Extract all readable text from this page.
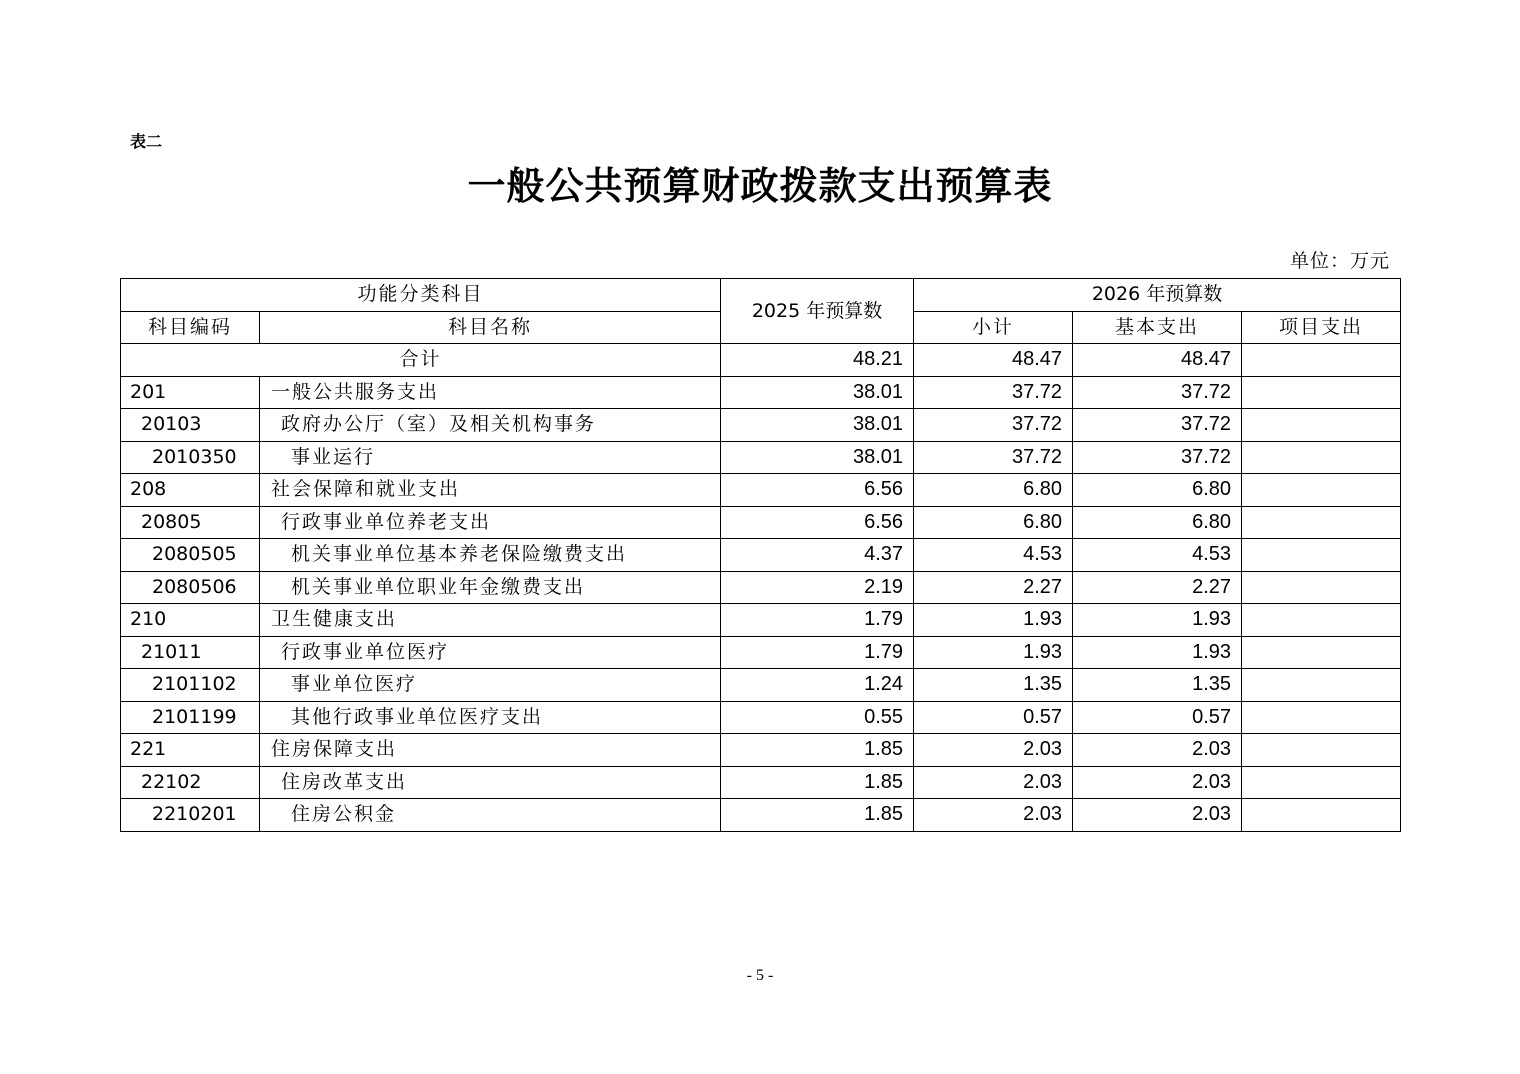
表二
一般公共预算财政拨款支出预算表
单位：万元
功能分类科目		2025 年预算数	2026 年预算数		
科目编码	科目名称		小计	基本支出	项目支出
合计		48.21	48.47	48.47	
201	一般公共服务支出	38.01	37.72	37.72	
20103	政府办公厅（室）及相关机构事务	38.01	37.72	37.72	
2010350	事业运行	38.01	37.72	37.72	
208	社会保障和就业支出	6.56	6.80	6.80	
20805	行政事业单位养老支出	6.56	6.80	6.80	
2080505	机关事业单位基本养老保险缴费支出	4.37	4.53	4.53	
2080506	机关事业单位职业年金缴费支出	2.19	2.27	2.27	
210	卫生健康支出	1.79	1.93	1.93	
21011	行政事业单位医疗	1.79	1.93	1.93	
2101102	事业单位医疗	1.24	1.35	1.35	
2101199	其他行政事业单位医疗支出	0.55	0.57	0.57	
221	住房保障支出	1.85	2.03	2.03	
22102	住房改革支出	1.85	2.03	2.03	
2210201	住房公积金	1.85	2.03	2.03	
- 5 -
